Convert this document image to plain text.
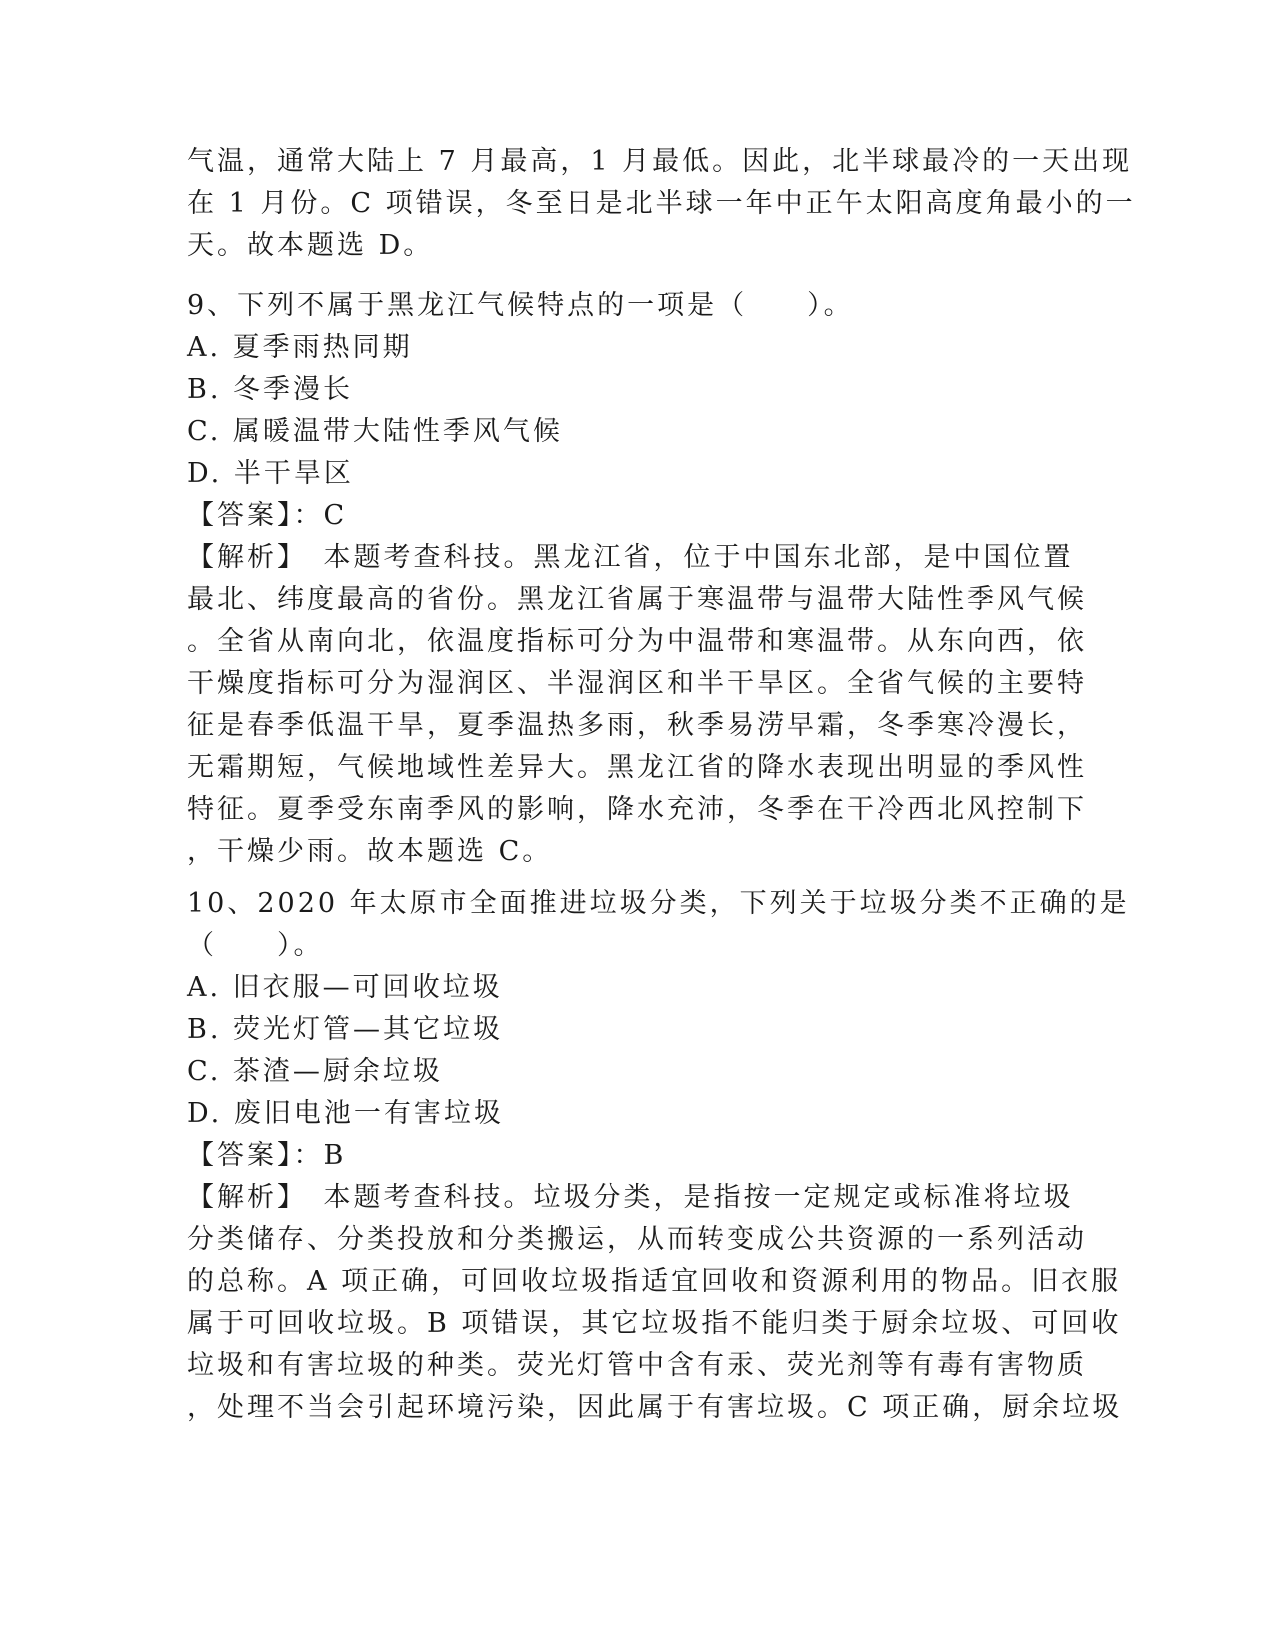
气温，通常大陆上 7 月最高，1 月最低。因此，北半球最冷的一天出现
在 1 月份。C 项错误，冬至日是北半球一年中正午太阳高度角最小的一
天。故本题选 D。
9、下列不属于黑龙江气候特点的一项是（　　）。
A. 夏季雨热同期
B. 冬季漫长
C. 属暖温带大陆性季风气候
D. 半干旱区
【答案】：C
【解析】　本题考查科技。黑龙江省，位于中国东北部，是中国位置
最北、纬度最高的省份。黑龙江省属于寒温带与温带大陆性季风气候
。全省从南向北，依温度指标可分为中温带和寒温带。从东向西，依
干燥度指标可分为湿润区、半湿润区和半干旱区。全省气候的主要特
征是春季低温干旱，夏季温热多雨，秋季易涝早霜，冬季寒冷漫长，
无霜期短，气候地域性差异大。黑龙江省的降水表现出明显的季风性
特征。夏季受东南季风的影响，降水充沛，冬季在干冷西北风控制下
，干燥少雨。故本题选 C。
10、2020 年太原市全面推进垃圾分类，下列关于垃圾分类不正确的是
（　　）。
A. 旧衣服—可回收垃圾
B. 荧光灯管—其它垃圾
C. 茶渣—厨余垃圾
D. 废旧电池一有害垃圾
【答案】：B
【解析】　本题考查科技。垃圾分类，是指按一定规定或标准将垃圾
分类储存、分类投放和分类搬运，从而转变成公共资源的一系列活动
的总称。A 项正确，可回收垃圾指适宜回收和资源利用的物品。旧衣服
属于可回收垃圾。B 项错误，其它垃圾指不能归类于厨余垃圾、可回收
垃圾和有害垃圾的种类。荧光灯管中含有汞、荧光剂等有毒有害物质
，处理不当会引起环境污染，因此属于有害垃圾。C 项正确，厨余垃圾
